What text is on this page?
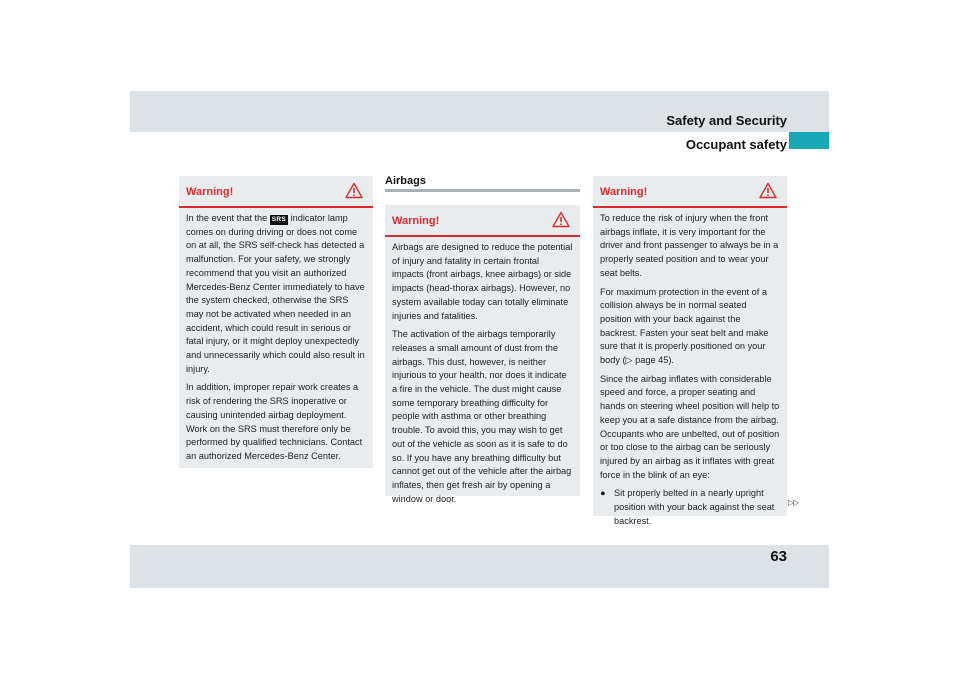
Safety and Security
Occupant safety
Warning!

In the event that the SRS indicator lamp comes on during driving or does not come on at all, the SRS self-check has detected a malfunction. For your safety, we strongly recommend that you visit an authorized Mercedes-Benz Center immediately to have the system checked, otherwise the SRS may not be activated when needed in an accident, which could result in serious or fatal injury, or it might deploy unexpectedly and unnecessarily which could also result in injury.

In addition, improper repair work creates a risk of rendering the SRS inoperative or causing unintended airbag deployment. Work on the SRS must therefore only be performed by qualified technicians. Contact an authorized Mercedes-Benz Center.

Airbags
Warning!

Airbags are designed to reduce the potential of injury and fatality in certain frontal impacts (front airbags, knee airbags) or side impacts (head-thorax airbags). However, no system available today can totally eliminate injuries and fatalities.

The activation of the airbags temporarily releases a small amount of dust from the airbags. This dust, however, is neither injurious to your health, nor does it indicate a fire in the vehicle. The dust might cause some temporary breathing difficulty for people with asthma or other breathing trouble. To avoid this, you may wish to get out of the vehicle as soon as it is safe to do so. If you have any breathing difficulty but cannot get out of the vehicle after the airbag inflates, then get fresh air by opening a window or door.

Warning!

To reduce the risk of injury when the front airbags inflate, it is very important for the driver and front passenger to always be in a properly seated position and to wear your seat belts.

For maximum protection in the event of a collision always be in normal seated position with your back against the backrest. Fasten your seat belt and make sure that it is properly positioned on your body (▷ page 45).

Since the airbag inflates with considerable speed and force, a proper seating and hands on steering wheel position will help to keep you at a safe distance from the airbag. Occupants who are unbelted, out of position or too close to the airbag can be seriously injured by an airbag as it inflates with great force in the blink of an eye:

● Sit properly belted in a nearly upright position with your back against the seat backrest.
▷▷
63
